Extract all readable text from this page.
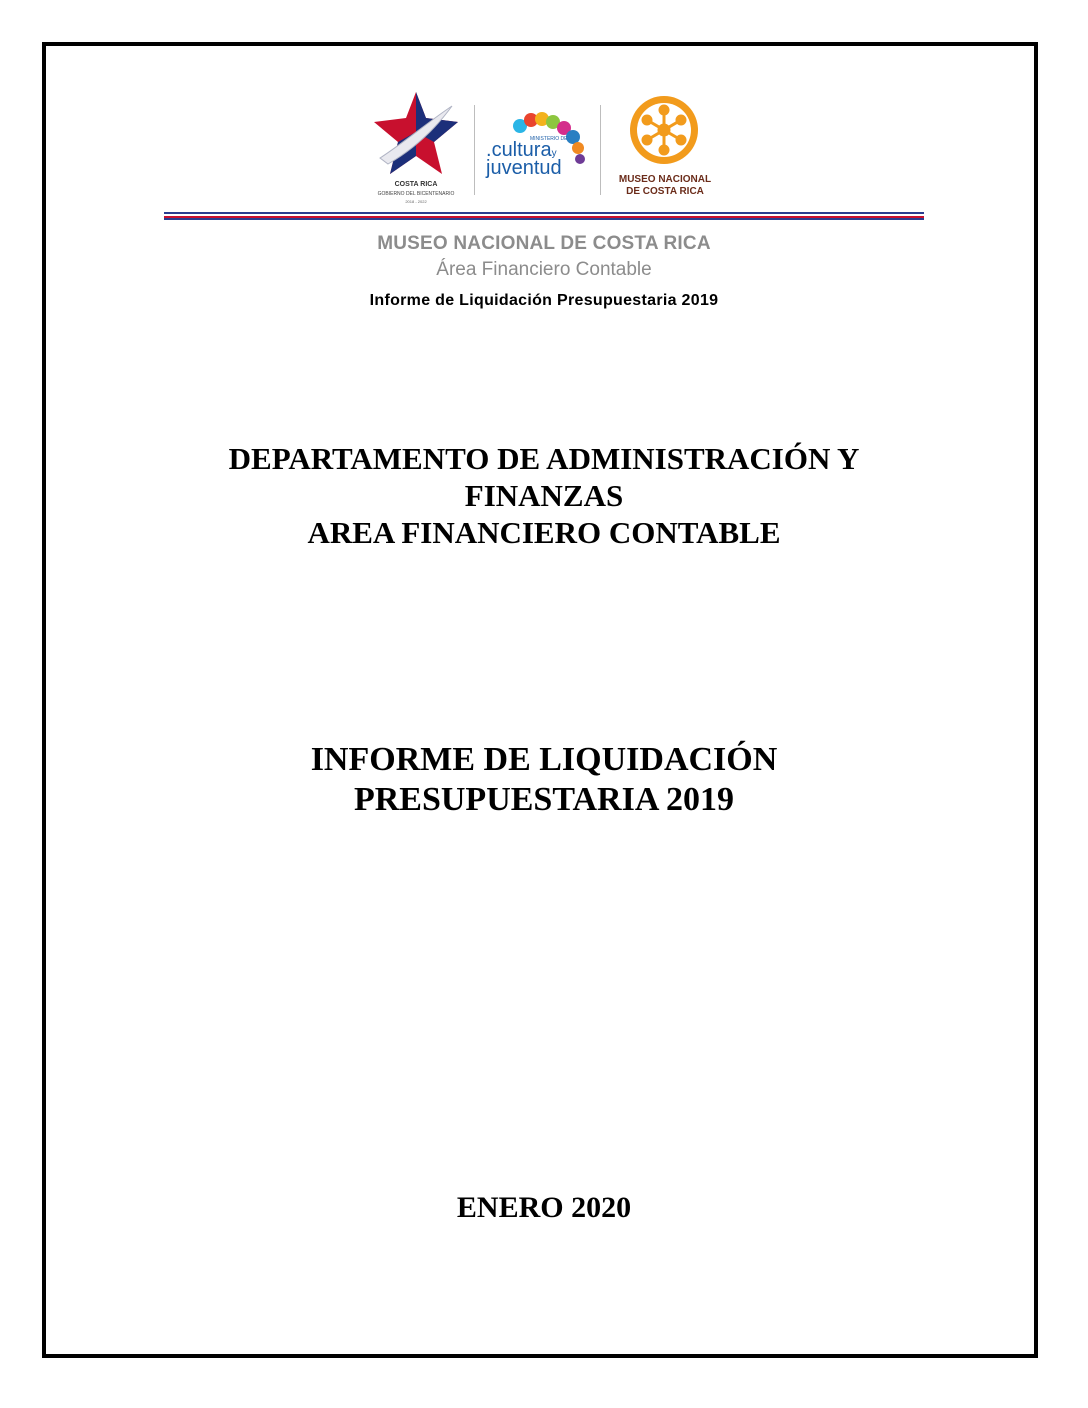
COSTA RICA
GOBIERNO DEL BICENTENARIO
2018 - 2022
MINISTERIO DE
.culturay
juventud
MUSEO NACIONAL
DE COSTA RICA
MUSEO NACIONAL DE COSTA RICA
Área Financiero Contable
Informe de Liquidación Presupuestaria 2019
DEPARTAMENTO DE ADMINISTRACIÓN Y
FINANZAS
AREA FINANCIERO CONTABLE
INFORME DE LIQUIDACIÓN
PRESUPUESTARIA 2019
ENERO 2020
